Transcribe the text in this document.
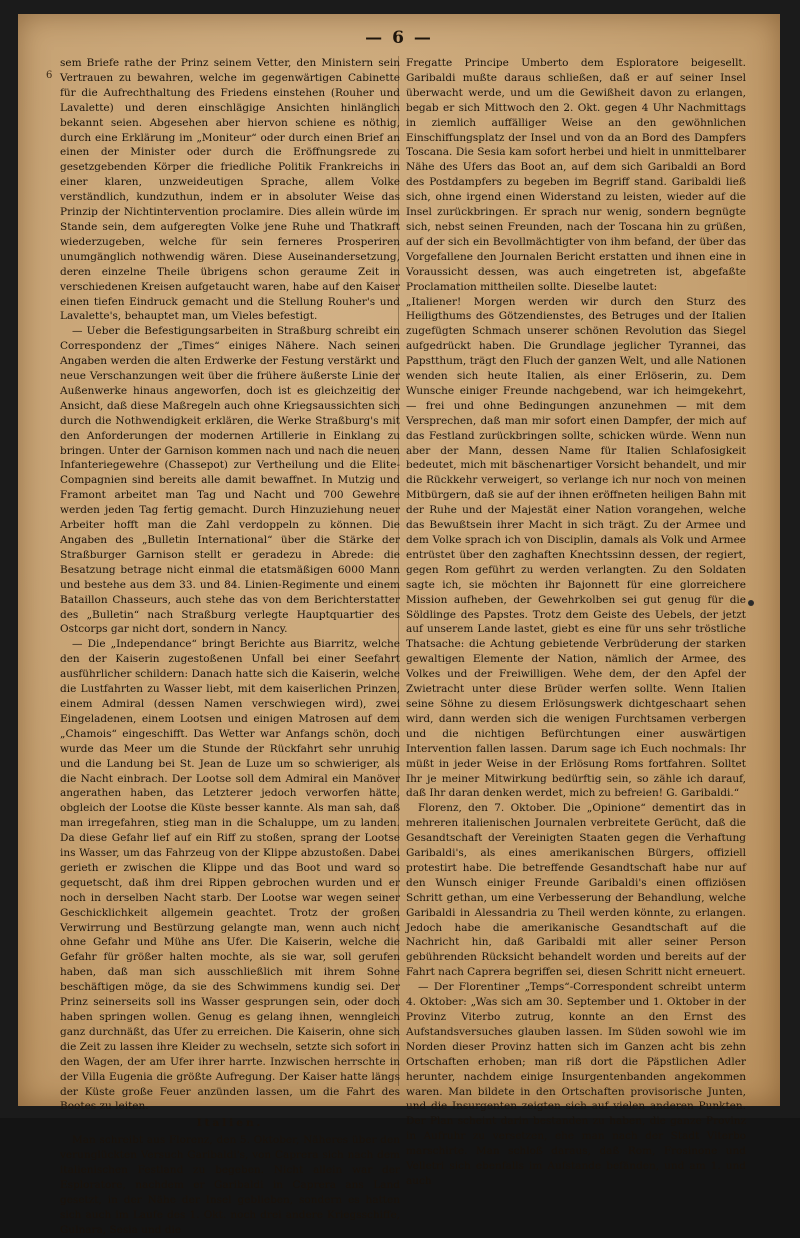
— 6 —
6

sem Briefe rathe der Prinz seinem Vetter, den Ministern sein Vertrauen zu bewahren, welche im gegenwärtigen Cabinette für die Aufrechthaltung des Friedens einstehen (Rouher und Lavalette) und deren einschlägige Ansichten hinlänglich bekannt seien. Abgesehen aber hiervon schiene es nöthig, durch eine Erklärung im „Moniteur“ oder durch einen Brief an einen der Minister oder durch die Eröffnungsrede zu gesetzgebenden Körper die friedliche Politik Frankreichs in einer klaren, unzweideutigen Sprache, allem Volke verständlich, kundzuthun, indem er in absoluter Weise das Prinzip der Nichtintervention proclamire. Dies allein würde im Stande sein, dem aufgeregten Volke jene Ruhe und Thatkraft wiederzugeben, welche für sein ferneres Prosperiren unumgänglich nothwendig wären. Diese Auseinandersetzung, deren einzelne Theile übrigens schon geraume Zeit in verschiedenen Kreisen aufgetaucht waren, habe auf den Kaiser einen tiefen Eindruck gemacht und die Stellung Rouher's und Lavalette's, behauptet man, um Vieles befestigt.

— Ueber die Befestigungsarbeiten in Straßburg schreibt ein Correspondenz der „Times“ einiges Nähere. Nach seinen Angaben werden die alten Erdwerke der Festung verstärkt und neue Verschanzungen weit über die frühere äußerste Linie der Außenwerke hinaus angeworfen, doch ist es gleichzeitig der Ansicht, daß diese Maßregeln auch ohne Kriegsaussichten sich durch die Nothwendigkeit erklären, die Werke Straßburg's mit den Anforderungen der modernen Artillerie in Einklang zu bringen. Unter der Garnison kommen nach und nach die neuen Infanteriegewehre (Chassepot) zur Vertheilung und die Elite-Compagnien sind bereits alle damit bewaffnet. In Mutzig und Framont arbeitet man Tag und Nacht und 700 Gewehre werden jeden Tag fertig gemacht. Durch Hinzuziehung neuer Arbeiter hofft man die Zahl verdoppeln zu können. Die Angaben des „Bulletin International“ über die Stärke der Straßburger Garnison stellt er geradezu in Abrede: die Besatzung betrage nicht einmal die etatsmäßigen 6000 Mann und bestehe aus dem 33. und 84. Linien-Regimente und einem Bataillon Chasseurs, auch stehe das von dem Berichterstatter des „Bulletin“ nach Straßburg verlegte Hauptquartier des Ostcorps gar nicht dort, sondern in Nancy.

— Die „Independance“ bringt Berichte aus Biarritz, welche den der Kaiserin zugestoßenen Unfall bei einer Seefahrt ausführlicher schildern: Danach hatte sich die Kaiserin, welche die Lustfahrten zu Wasser liebt, mit dem kaiserlichen Prinzen, einem Admiral (dessen Namen verschwiegen wird), zwei Eingeladenen, einem Lootsen und einigen Matrosen auf dem „Chamois“ eingeschifft. Das Wetter war Anfangs schön, doch wurde das Meer um die Stunde der Rückfahrt sehr unruhig und die Landung bei St. Jean de Luze um so schwieriger, als die Nacht einbrach. Der Lootse soll dem Admiral ein Manöver angerathen haben, das Letzterer jedoch verworfen hätte, obgleich der Lootse die Küste besser kannte. Als man sah, daß man irregefahren, stieg man in die Schaluppe, um zu landen. Da diese Gefahr lief auf ein Riff zu stoßen, sprang der Lootse ins Wasser, um das Fahrzeug von der Klippe abzustoßen. Dabei gerieth er zwischen die Klippe und das Boot und ward so gequetscht, daß ihm drei Rippen gebrochen wurden und er noch in derselben Nacht starb. Der Lootse war wegen seiner Geschicklichkeit allgemein geachtet. Trotz der großen Verwirrung und Bestürzung gelangte man, wenn auch nicht ohne Gefahr und Mühe ans Ufer. Die Kaiserin, welche die Gefahr für größer halten mochte, als sie war, soll gerufen haben, daß man sich ausschließlich mit ihrem Sohne beschäftigen möge, da sie des Schwimmens kundig sei. Der Prinz seinerseits soll ins Wasser gesprungen sein, oder doch haben springen wollen. Genug es gelang ihnen, wenngleich ganz durchnäßt, das Ufer zu erreichen. Die Kaiserin, ohne sich die Zeit zu lassen ihre Kleider zu wechseln, setzte sich sofort in den Wagen, der am Ufer ihrer harrte. Inzwischen herrschte in der Villa Eugenia die größte Aufregung. Der Kaiser hatte längs der Küste große Feuer anzünden lassen, um die Fahrt des Bootes zu leiten.

Italien.

Man schreibt aus Florenz, den 5. Oktober, Näheres über den verunglückten Versuch Garibaldi's, von Caprera sich nach dem italienischen Festland zu begeben. Nicht allein war der Esploratore, nachdem er Garibaldi in Caprera ans Land gesetzt, in der Nähe der Insel geblieben, sondern es hatten sich auch im Laufe des 1. Okt. noch drei andere Kriegsschiffe, Gulnara, Sesia und die

Fregatte Principe Umberto dem Esploratore beigesellt. Garibaldi mußte daraus schließen, daß er auf seiner Insel überwacht werde, und um die Gewißheit davon zu erlangen, begab er sich Mittwoch den 2. Okt. gegen 4 Uhr Nachmittags in ziemlich auffälliger Weise an den gewöhnlichen Einschiffungsplatz der Insel und von da an Bord des Dampfers Toscana. Die Sesia kam sofort herbei und hielt in unmittelbarer Nähe des Ufers das Boot an, auf dem sich Garibaldi an Bord des Postdampfers zu begeben im Begriff stand. Garibaldi ließ sich, ohne irgend einen Widerstand zu leisten, wieder auf die Insel zurückbringen. Er sprach nur wenig, sondern begnügte sich, nebst seinen Freunden, nach der Toscana hin zu grüßen, auf der sich ein Bevollmächtigter von ihm befand, der über das Vorgefallene den Journalen Bericht erstatten und ihnen eine in Voraussicht dessen, was auch eingetreten ist, abgefaßte Proclamation mittheilen sollte. Dieselbe lautet:

„Italiener! Morgen werden wir durch den Sturz des Heiligthums des Götzendienstes, des Betruges und der Italien zugefügten Schmach unserer schönen Revolution das Siegel aufgedrückt haben. Die Grundlage jeglicher Tyrannei, das Papstthum, trägt den Fluch der ganzen Welt, und alle Nationen wenden sich heute Italien, als einer Erlöserin, zu. Dem Wunsche einiger Freunde nachgebend, war ich heimgekehrt, — frei und ohne Bedingungen anzunehmen — mit dem Versprechen, daß man mir sofort einen Dampfer, der mich auf das Festland zurückbringen sollte, schicken würde. Wenn nun aber der Mann, dessen Name für Italien Schlafosigkeit bedeutet, mich mit bäschenartiger Vorsicht behandelt, und mir die Rückkehr verweigert, so verlange ich nur noch von meinen Mitbürgern, daß sie auf der ihnen eröffneten heiligen Bahn mit der Ruhe und der Majestät einer Nation vorangehen, welche das Bewußtsein ihrer Macht in sich trägt. Zu der Armee und dem Volke sprach ich von Disciplin, damals als Volk und Armee entrüstet über den zaghaften Knechtssinn dessen, der regiert, gegen Rom geführt zu werden verlangten. Zu den Soldaten sagte ich, sie möchten ihr Bajonnett für eine glorreichere Mission aufheben, der Gewehrkolben sei gut genug für die Söldlinge des Papstes. Trotz dem Geiste des Uebels, der jetzt auf unserem Lande lastet, giebt es eine für uns sehr tröstliche Thatsache: die Achtung gebietende Verbrüderung der starken gewaltigen Elemente der Nation, nämlich der Armee, des Volkes und der Freiwilligen. Wehe dem, der den Apfel der Zwietracht unter diese Brüder werfen sollte. Wenn Italien seine Söhne zu diesem Erlösungswerk dichtgeschaart sehen wird, dann werden sich die wenigen Furchtsamen verbergen und die nichtigen Befürchtungen einer auswärtigen Intervention fallen lassen. Darum sage ich Euch nochmals: Ihr müßt in jeder Weise in der Erlösung Roms fortfahren. Solltet Ihr je meiner Mitwirkung bedürftig sein, so zähle ich darauf, daß Ihr daran denken werdet, mich zu befreien! G. Garibaldi.“

Florenz, den 7. Oktober. Die „Opinione“ dementirt das in mehreren italienischen Journalen verbreitete Gerücht, daß die Gesandtschaft der Vereinigten Staaten gegen die Verhaftung Garibaldi's, als eines amerikanischen Bürgers, offiziell protestirt habe. Die betreffende Gesandtschaft habe nur auf den Wunsch einiger Freunde Garibaldi's einen offiziösen Schritt gethan, um eine Verbesserung der Behandlung, welche Garibaldi in Alessandria zu Theil werden könnte, zu erlangen. Jedoch habe die amerikanische Gesandtschaft auf die Nachricht hin, daß Garibaldi mit aller seiner Person gebührenden Rücksicht behandelt worden und bereits auf der Fahrt nach Caprera begriffen sei, diesen Schritt nicht erneuert.

— Der Florentiner „Temps“-Correspondent schreibt unterm 4. Oktober: „Was sich am 30. September und 1. Oktober in der Provinz Viterbo zutrug, konnte an den Ernst des Aufstandsversuches glauben lassen. Im Süden sowohl wie im Norden dieser Provinz hatten sich im Ganzen acht bis zehn Ortschaften erhoben; man riß dort die Päpstlichen Adler herunter, nachdem einige Insurgentenbanden angekommen waren. Man bildete in den Ortschaften provisorische Junten, und die Insurgenten zeigten sich auf vielen anderen Punkten. Der Plan scheint darin bestanden zu haben, die ganze Provinz in Aufruhr zu versetzen, ehe man nach der Stadt Viterbo marschirte. Man schloß daraus, daß Rom, Frosinone und Velletri sich ebenfalls im Aufstande befänden, und am 1. und auch
